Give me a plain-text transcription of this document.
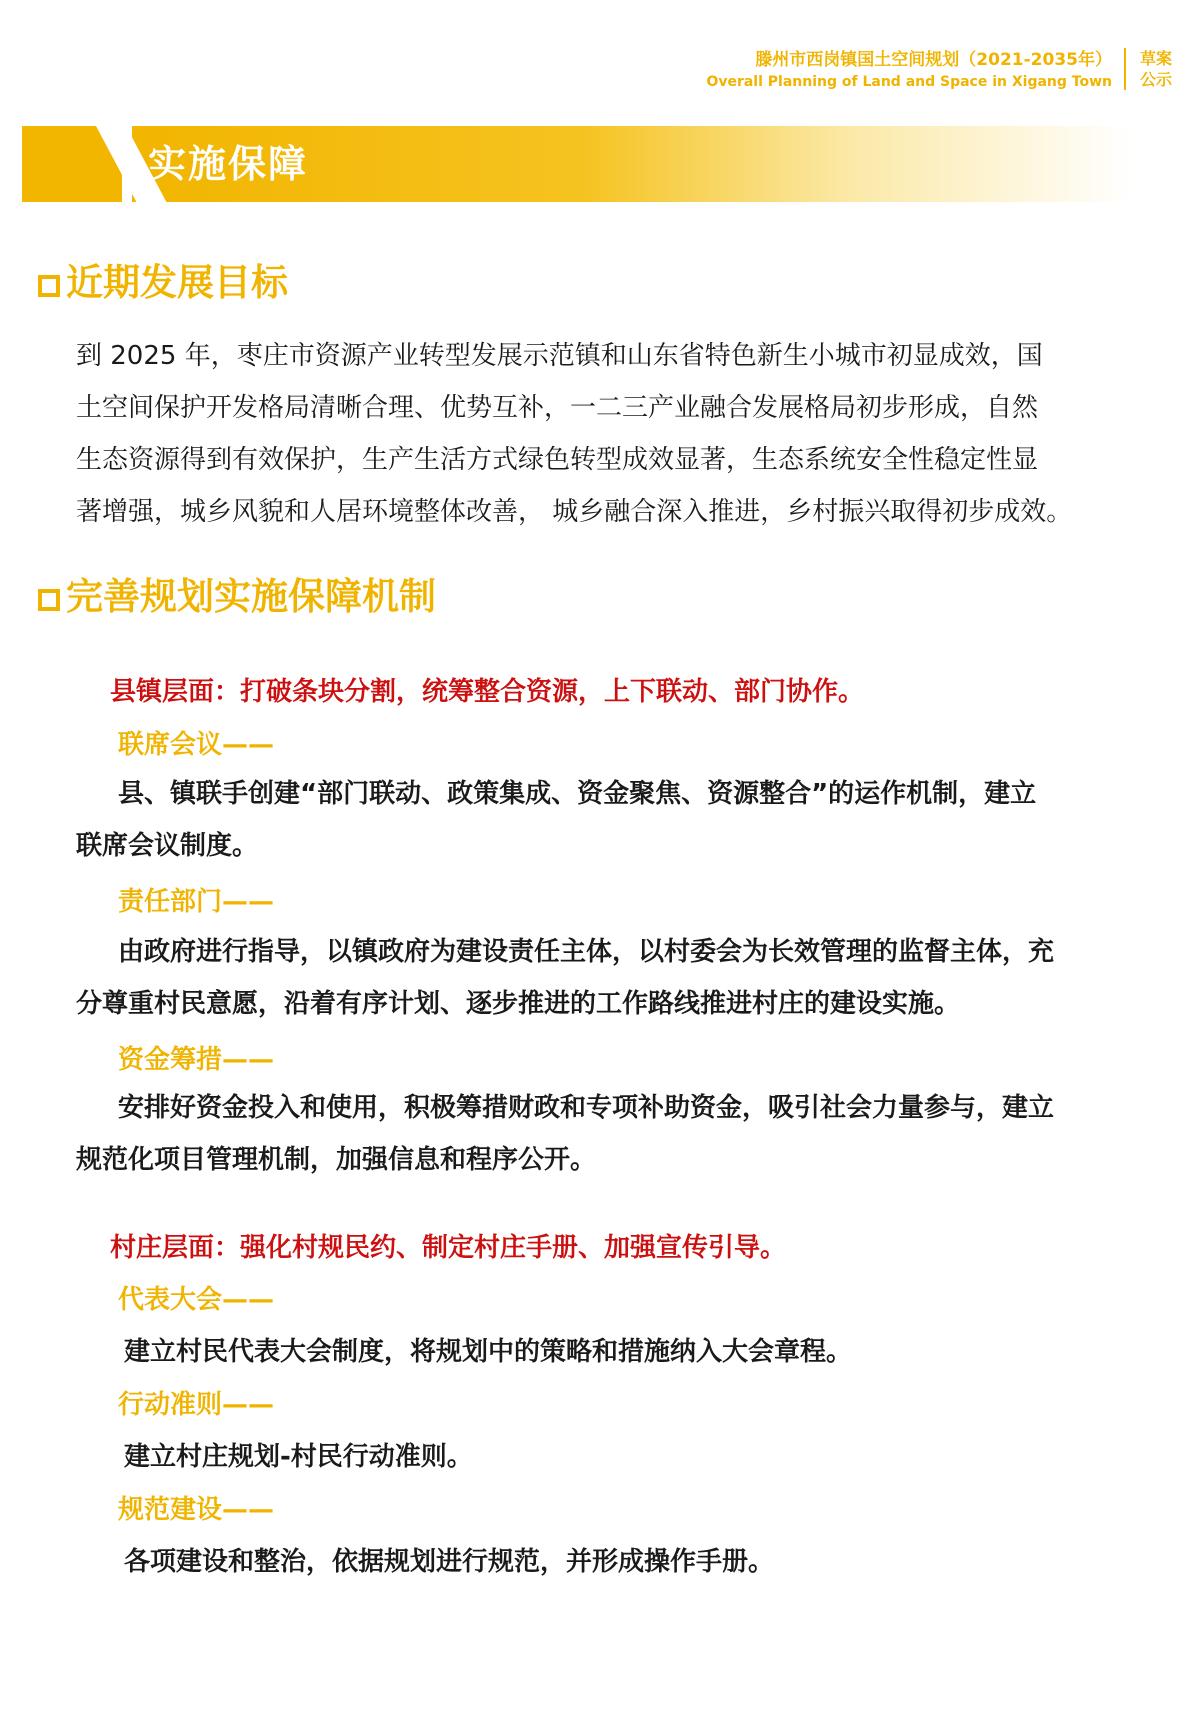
滕州市西岗镇国土空间规划（2021-2035年）
Overall Planning of Land and Space in Xigang Town
草案
公示
实施保障
近期发展目标
到 2025 年，枣庄市资源产业转型发展示范镇和山东省特色新生小城市初显成效，国
土空间保护开发格局清晰合理、优势互补，一二三产业融合发展格局初步形成，自然
生态资源得到有效保护，生产生活方式绿色转型成效显著，生态系统安全性稳定性显
著增强，城乡风貌和人居环境整体改善， 城乡融合深入推进，乡村振兴取得初步成效。
完善规划实施保障机制
县镇层面：打破条块分割，统筹整合资源，上下联动、部门协作。
联席会议——
县、镇联手创建“部门联动、政策集成、资金聚焦、资源整合”的运作机制，建立
联席会议制度。
责任部门——
由政府进行指导，以镇政府为建设责任主体，以村委会为长效管理的监督主体，充
分尊重村民意愿，沿着有序计划、逐步推进的工作路线推进村庄的建设实施。
资金筹措——
安排好资金投入和使用，积极筹措财政和专项补助资金，吸引社会力量参与，建立
规范化项目管理机制，加强信息和程序公开。
村庄层面：强化村规民约、制定村庄手册、加强宣传引导。
代表大会——
建立村民代表大会制度，将规划中的策略和措施纳入大会章程。
行动准则——
建立村庄规划-村民行动准则。
规范建设——
各项建设和整治，依据规划进行规范，并形成操作手册。
